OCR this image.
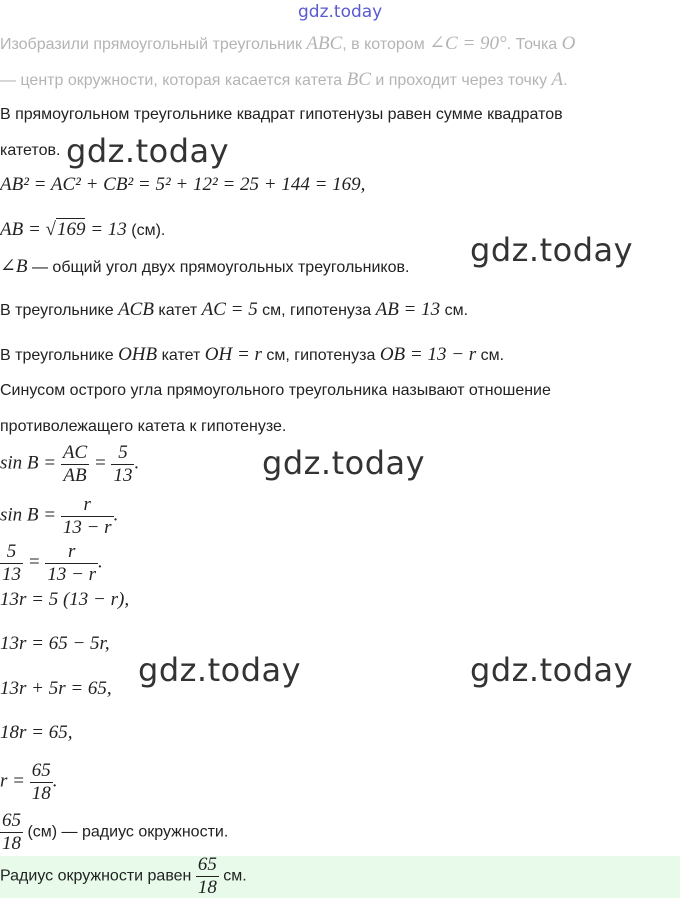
gdz.today
Изобразили прямоугольный треугольник ABC, в котором ∠C = 90°. Точка O
— центр окружности, которая касается катета BC и проходит через точку A.
В прямоугольном треугольнике квадрат гипотенузы равен сумме квадратов
катетов.
AB² = AC² + CB² = 5² + 12² = 25 + 144 = 169,
AB = √169 = 13 (см).
∠B — общий угол двух прямоугольных треугольников.
В треугольнике ACB катет AC = 5 см, гипотенуза AB = 13 см.
В треугольнике OHB катет OH = r см, гипотенуза OB = 13 − r см.
Синусом острого угла прямоугольного треугольника называют отношение
противолежащего катета к гипотенузе.
$\sin B = \frac{AC}{AB} = \frac{5}{13}$ .
$\sin B = \frac{r}{13 - r}$ .
$\frac{5}{13} = \frac{r}{13 - r}$ .
13r = 5 (13 − r),
13r = 65 − 5r,
13r + 5r = 65,
18r = 65,
$r = \frac{65}{18}$ .
$\frac{65}{18} (см)$ — радиус окружности.
Радиус окружности равен $\frac{65}{18}$ см.
gdz.today
gdz.today
gdz.today
gdz.today	gdz.today
